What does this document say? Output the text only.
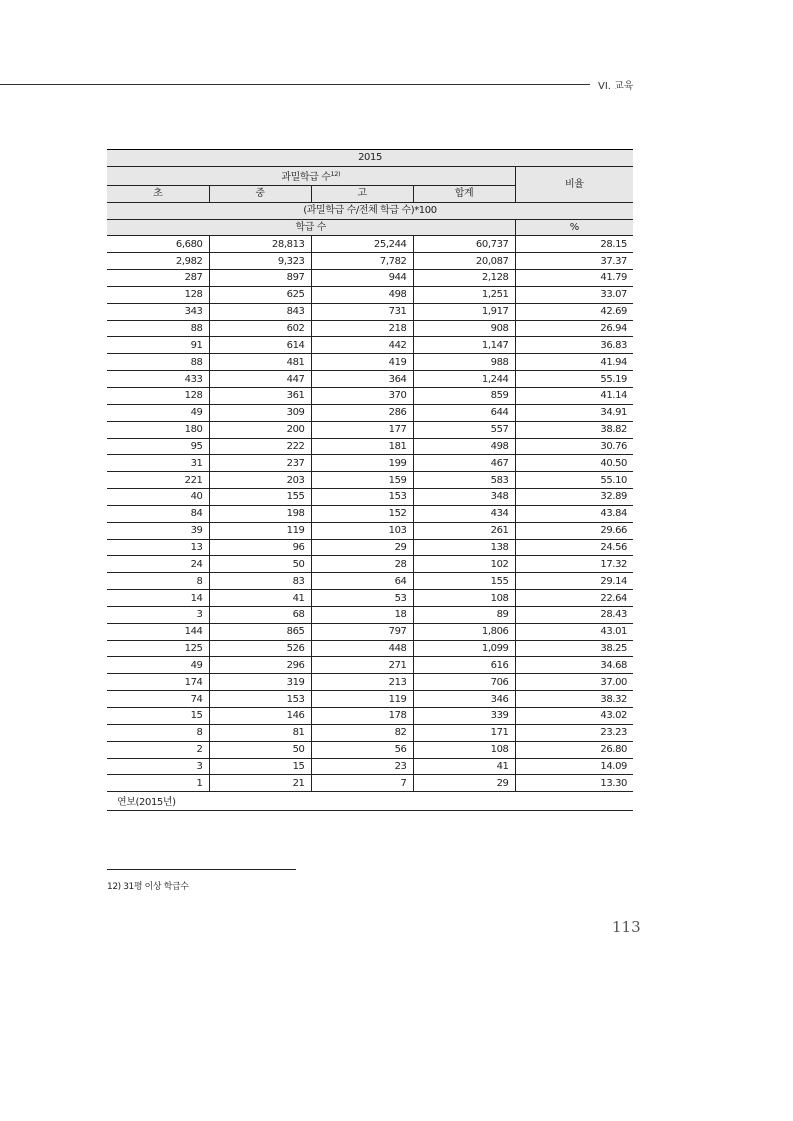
VI. 교육
2015				
과밀학급 수$^{12)}$				비율
초	중	고	합계	
(과밀학급 수/전체 학급 수)*100				
학급 수				%
6,680	28,813	25,244	60,737	28.15
2,982	9,323	7,782	20,087	37.37
287	897	944	2,128	41.79
128	625	498	1,251	33.07
343	843	731	1,917	42.69
88	602	218	908	26.94
91	614	442	1,147	36.83
88	481	419	988	41.94
433	447	364	1,244	55.19
128	361	370	859	41.14
49	309	286	644	34.91
180	200	177	557	38.82
95	222	181	498	30.76
31	237	199	467	40.50
221	203	159	583	55.10
40	155	153	348	32.89
84	198	152	434	43.84
39	119	103	261	29.66
13	96	29	138	24.56
24	50	28	102	17.32
8	83	64	155	29.14
14	41	53	108	22.64
3	68	18	89	28.43
144	865	797	1,806	43.01
125	526	448	1,099	38.25
49	296	271	616	34.68
174	319	213	706	37.00
74	153	119	346	38.32
15	146	178	339	43.02
8	81	82	171	23.23
2	50	56	108	26.80
3	15	23	41	14.09
1	21	7	29	13.30
연보(2015년)
12) 31평 이상 학급수
113
